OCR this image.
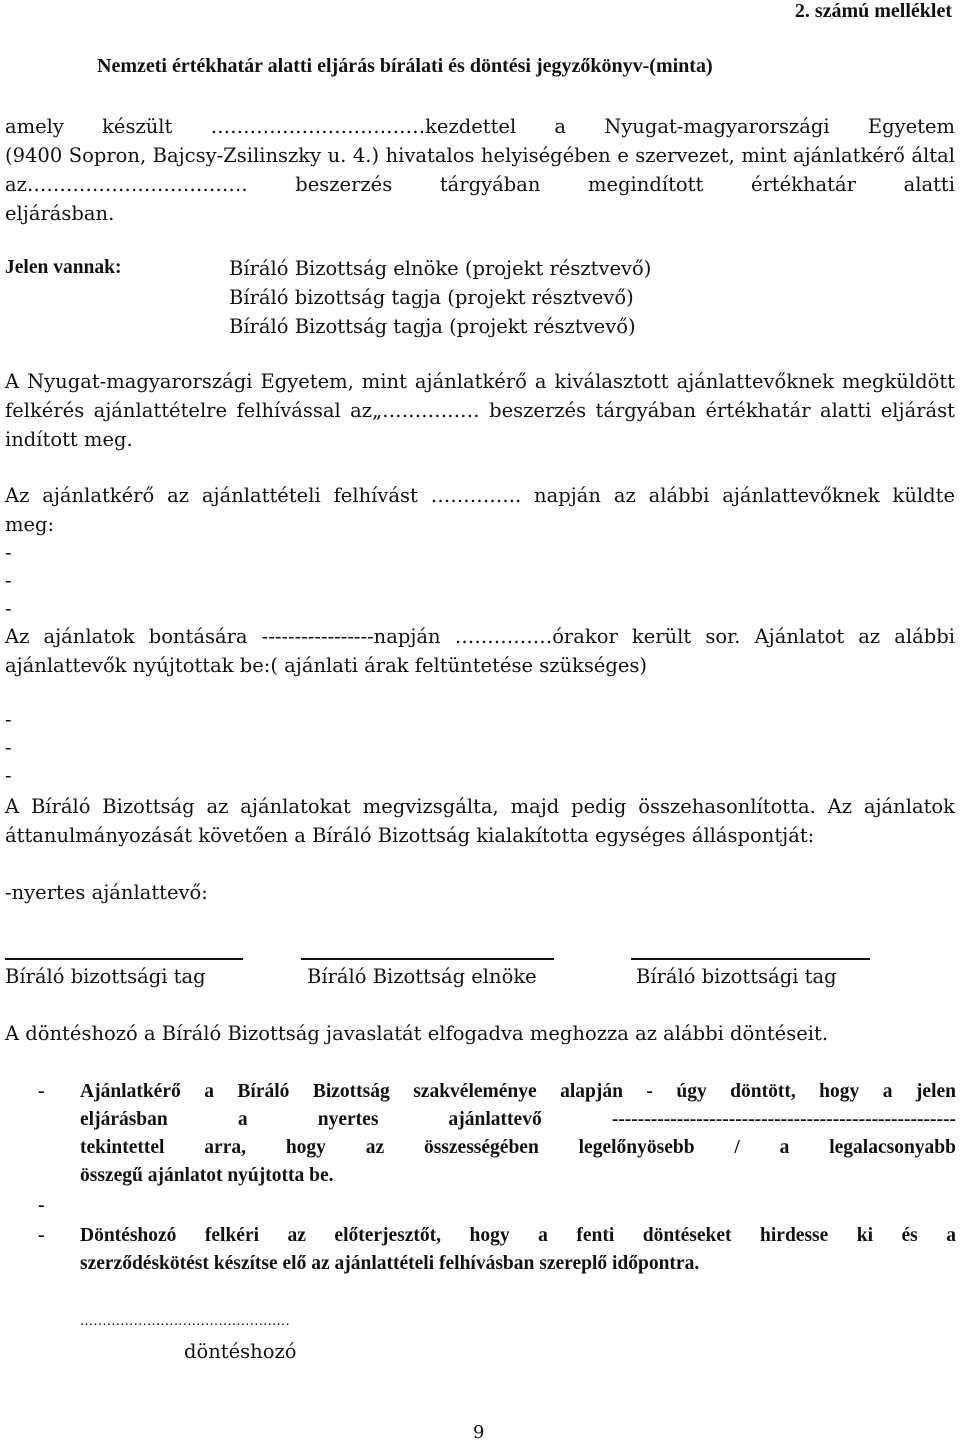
2. számú melléklet
Nemzeti értékhatár alatti eljárás bírálati és döntési jegyzőkönyv-(minta)
amely készült ……………………………kezdettel a Nyugat-magyarországi Egyetem
(9400 Sopron, Bajcsy-Zsilinszky u. 4.) hivatalos helyiségében e szervezet, mint ajánlatkérő által
az……………………………. beszerzés tárgyában megindított értékhatár alatti
eljárásban.
Jelen vannak:	Bíráló Bizottság elnöke (projekt résztvevő)
Bíráló bizottság tagja (projekt résztvevő)
Bíráló Bizottság tagja (projekt résztvevő)
A Nyugat-magyarországi Egyetem, mint ajánlatkérő a kiválasztott ajánlattevőknek megküldött
felkérés ajánlattételre felhívással az„…………… beszerzés tárgyában értékhatár alatti eljárást
indított meg.
Az ajánlatkérő az ajánlattételi felhívást ………….. napján az alábbi ajánlattevőknek küldte
meg:
-
-
-
Az ajánlatok bontására -----------------napján ……………órakor került sor. Ajánlatot az alábbi
ajánlattevők nyújtottak be:( ajánlati árak feltüntetése szükséges)
-
-
-
A Bíráló Bizottság az ajánlatokat megvizsgálta, majd pedig összehasonlította. Az ajánlatok
áttanulmányozását követően a Bíráló Bizottság kialakította egységes álláspontját:
-nyertes ajánlattevő:
Bíráló bizottsági tag	Bíráló Bizottság elnöke	Bíráló bizottsági tag
A döntéshozó a Bíráló Bizottság javaslatát elfogadva meghozza az alábbi döntéseit.
- Ajánlatkérő a Bíráló Bizottság szakvéleménye alapján - úgy döntött, hogy a jelen
eljárásban a nyertes ajánlattevő -----------------------------------------------------
tekintettel arra, hogy az összességében legelőnyösebb / a legalacsonyabb
összegű ajánlatot nyújtotta be.
-
- Döntéshozó felkéri az előterjesztőt, hogy a fenti döntéseket hirdesse ki és a
szerződéskötést készítse elő az ajánlattételi felhívásban szereplő időpontra.
...............................................
döntéshozó
9
